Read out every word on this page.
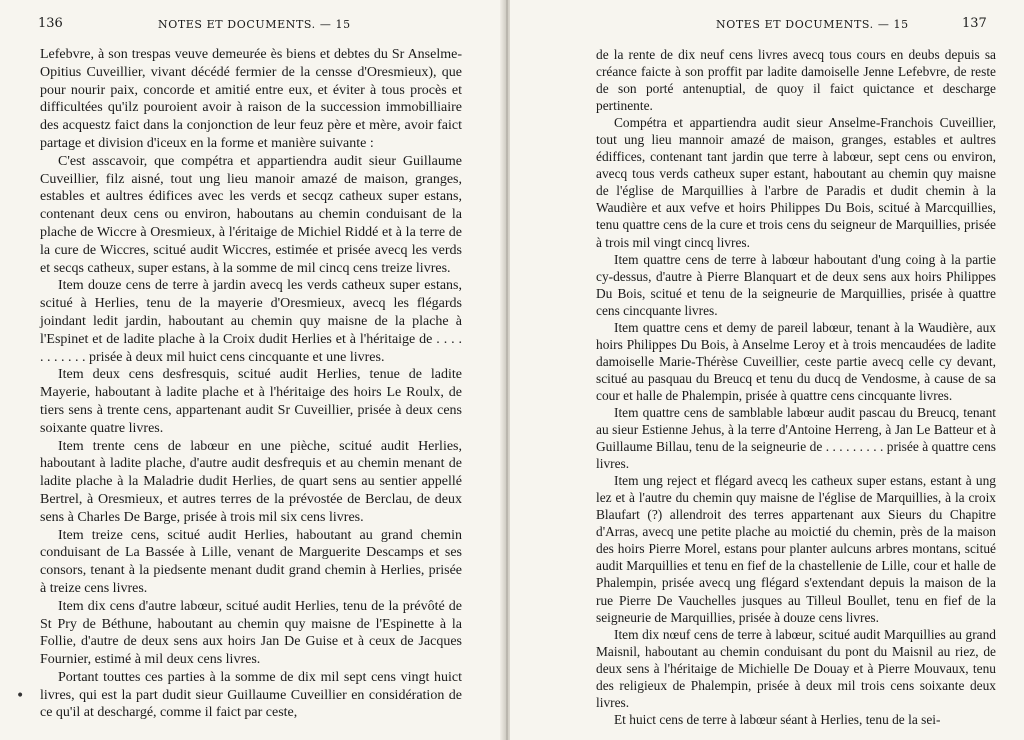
136	NOTES ET DOCUMENTS. — 15

Lefebvre, à son trespas veuve demeurée ès biens et debtes du Sr Anselme-Opitius Cuveillier, vivant décédé fermier de la censse d'Oresmieux), que pour nourir paix, concorde et amitié entre eux, et éviter à tous procès et difficultées qu'ilz pouroient avoir à raison de la succession immobilliaire des acquestz faict dans la conjonction de leur feuz père et mère, avoir faict partage et division d'iceux en la forme et manière suivante :

C'est asscavoir, que compétra et appartiendra audit sieur Guillaume Cuveillier, filz aisné, tout ung lieu manoir amazé de maison, granges, estables et aultres édifices avec les verds et secqz catheux super estans, contenant deux cens ou environ, haboutans au chemin conduisant de la plache de Wiccre à Oresmieux, à l'éritaige de Michiel Riddé et à la terre de la cure de Wiccres, scitué audit Wiccres, estimée et prisée avecq les verds et secqs catheux, super estans, à la somme de mil cincq cens treize livres.

Item douze cens de terre à jardin avecq les verds catheux super estans, scitué à Herlies, tenu de la mayerie d'Oresmieux, avecq les flégards joindant ledit jardin, haboutant au chemin quy maisne de la plache à l'Espinet et de ladite plache à la Croix dudit Herlies et à l'héritaige de . . . . . . . . . . . prisée à deux mil huict cens cincquante et une livres.

Item deux cens desfresquis, scitué audit Herlies, tenue de ladite Mayerie, haboutant à ladite plache et à l'héritaige des hoirs Le Roulx, de tiers sens à trente cens, appartenant audit Sr Cuveillier, prisée à deux cens soixante quatre livres.

Item trente cens de labœur en une pièche, scitué audit Herlies, haboutant à ladite plache, d'autre audit desfrequis et au chemin menant de ladite plache à la Maladrie dudit Herlies, de quart sens au sentier appellé Bertrel, à Oresmieux, et autres terres de la prévostée de Berclau, de deux sens à Charles De Barge, prisée à trois mil six cens livres.

Item treize cens, scitué audit Herlies, haboutant au grand chemin conduisant de La Bassée à Lille, venant de Marguerite Descamps et ses consors, tenant à la piedsente menant dudit grand chemin à Herlies, prisée à treize cens livres.

Item dix cens d'autre labœur, scitué audit Herlies, tenu de la prévôté de St Pry de Béthune, haboutant au chemin quy maisne de l'Espinette à la Follie, d'autre de deux sens aux hoirs Jan De Guise et à ceux de Jacques Fournier, estimé à mil deux cens livres.

Portant touttes ces parties à la somme de dix mil sept cens vingt huict livres, qui est la part dudit sieur Guillaume Cuveillier en considération de ce qu'il at deschargé, comme il faict par ceste,

•
NOTES ET DOCUMENTS. — 15	137

de la rente de dix neuf cens livres avecq tous cours en deubs depuis sa créance faicte à son proffit par ladite damoiselle Jenne Lefebvre, de reste de son porté antenuptial, de quoy il faict quictance et descharge pertinente.

Compétra et appartiendra audit sieur Anselme-Franchois Cuveillier, tout ung lieu mannoir amazé de maison, granges, estables et aultres édiffices, contenant tant jardin que terre à labœur, sept cens ou environ, avecq tous verds catheux super estant, haboutant au chemin quy maisne de l'église de Marquillies à l'arbre de Paradis et dudit chemin à la Waudière et aux vefve et hoirs Philippes Du Bois, scitué à Marcquillies, tenu quattre cens de la cure et trois cens du seigneur de Marquillies, prisée à trois mil vingt cincq livres.

Item quattre cens de terre à labœur haboutant d'ung coing à la partie cy-dessus, d'autre à Pierre Blanquart et de deux sens aux hoirs Philippes Du Bois, scitué et tenu de la seigneurie de Marquillies, prisée à quattre cens cincquante livres.

Item quattre cens et demy de pareil labœur, tenant à la Waudière, aux hoirs Philippes Du Bois, à Anselme Leroy et à trois mencaudées de ladite damoiselle Marie-Thérèse Cuveillier, ceste partie avecq celle cy devant, scitué au pasquau du Breucq et tenu du ducq de Vendosme, à cause de sa cour et halle de Phalempin, prisée à quattre cens cincquante livres.

Item quattre cens de samblable labœur audit pascau du Breucq, tenant au sieur Estienne Jehus, à la terre d'Antoine Herreng, à Jan Le Batteur et à Guillaume Billau, tenu de la seigneurie de . . . . . . . . . prisée à quattre cens livres.

Item ung reject et flégard avecq les catheux super estans, estant à ung lez et à l'autre du chemin quy maisne de l'église de Marquillies, à la croix Blaufart (?) allendroit des terres appartenant aux Sieurs du Chapitre d'Arras, avecq une petite plache au moictié du chemin, près de la maison des hoirs Pierre Morel, estans pour planter aulcuns arbres montans, scitué audit Marquillies et tenu en fief de la chastellenie de Lille, cour et halle de Phalempin, prisée avecq ung flégard s'extendant depuis la maison de la rue Pierre De Vauchelles jusques au Tilleul Boullet, tenu en fief de la seigneurie de Marquillies, prisée à douze cens livres.

Item dix nœuf cens de terre à labœur, scitué audit Marquillies au grand Maisnil, haboutant au chemin conduisant du pont du Maisnil au riez, de deux sens à l'héritaige de Michielle De Douay et à Pierre Mouvaux, tenu des religieux de Phalempin, prisée à deux mil trois cens soixante deux livres.

Et huict cens de terre à labœur séant à Herlies, tenu de la sei-
